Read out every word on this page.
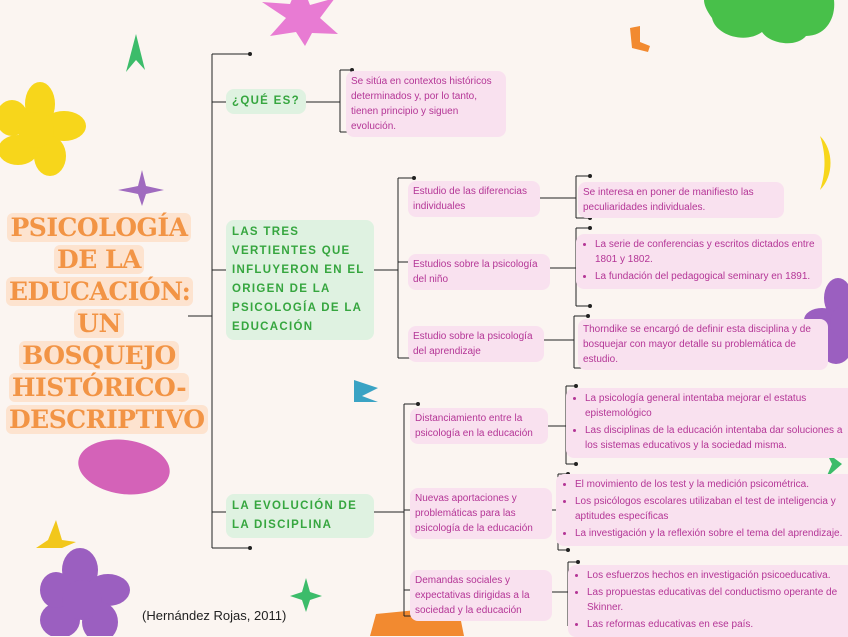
PSICOLOGÍA
DE LA
EDUCACIÓN:
UN BOSQUEJO
HISTÓRICO-
DESCRIPTIVO
¿QUÉ ES?
LAS TRES VERTIENTES QUE INFLUYERON EN EL ORIGEN DE LA PSICOLOGÍA DE LA EDUCACIÓN
LA EVOLUCIÓN DE LA DISCIPLINA
Se sitúa en contextos históricos determinados y, por lo tanto, tienen principio y siguen evolución.
Estudio de las diferencias individuales
Estudios sobre la psicología del niño
Estudio sobre la psicología del aprendizaje
Se interesa en poner de manifiesto las peculiaridades individuales.
• La serie de conferencias y escritos dictados entre 1801 y 1802.
• La fundación del pedagogical seminary en 1891.
Thorndike se encargó de definir esta disciplina y de bosquejar con mayor detalle su problemática de estudio.
Distanciamiento entre la psicología en la educación
Nuevas aportaciones y problemáticas para las psicología de la educación
Demandas sociales y expectativas dirigidas a la sociedad y la educación
• La psicología general intentaba mejorar el estatus epistemológico
• Las disciplinas de la educación intentaba dar soluciones a los sistemas educativos y la sociedad misma.
• El movimiento de los test y la medición psicométrica.
• Los psicólogos escolares utilizaban el test de inteligencia y aptitudes específicas
• La investigación y la reflexión sobre el tema del aprendizaje.
• Los esfuerzos hechos en investigación psicoeducativa.
• Las propuestas educativas del conductismo operante de Skinner.
• Las reformas educativas en ese país.
(Hernández Rojas, 2011)
